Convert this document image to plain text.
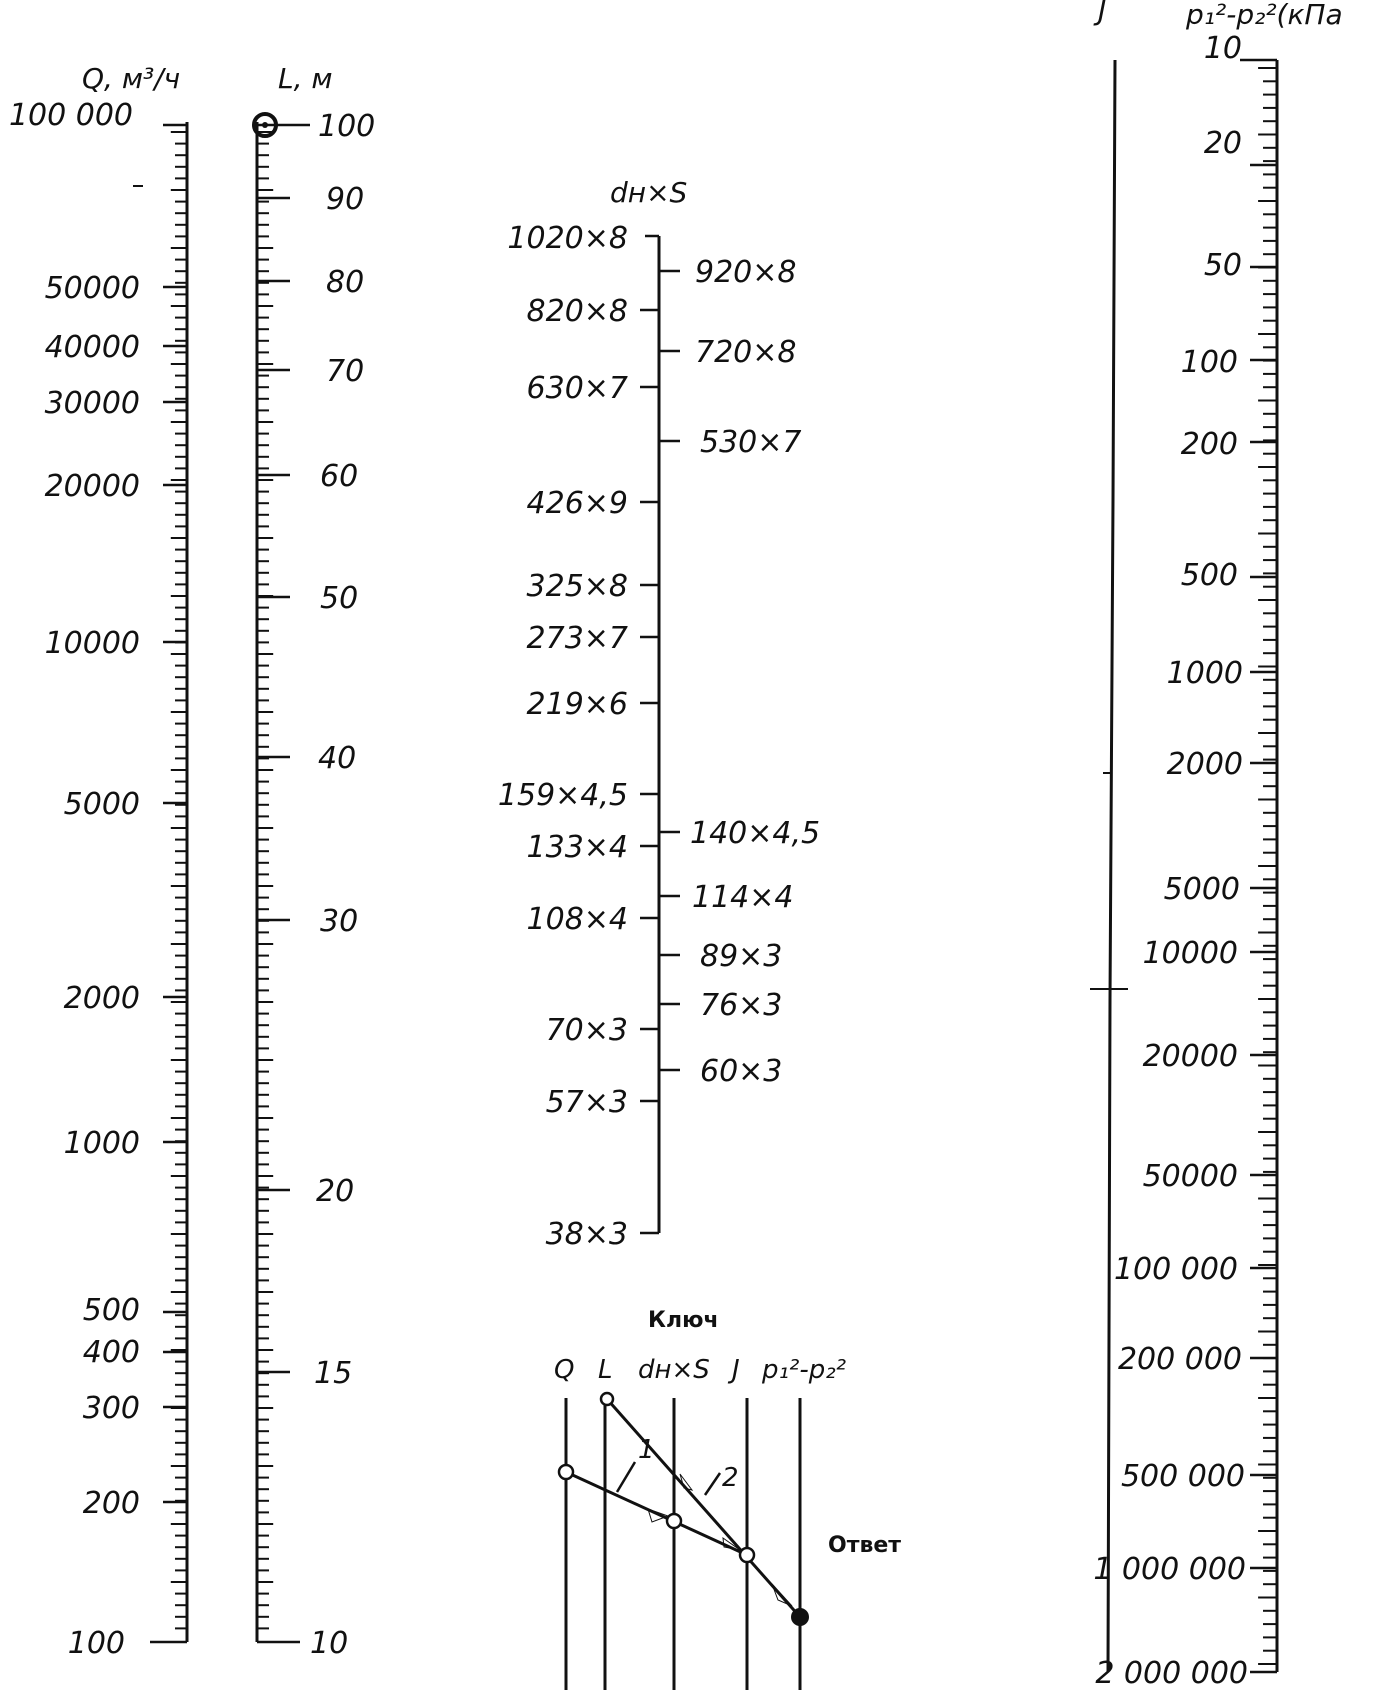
Q, м³/ч
100 000
50000
40000
30000
20000
10000
5000
2000
1000
500
400
300
200
100
L, м
100
90
80
70
60
50
40
30
20
15
10
dн×S
1020×8
820×8
630×7
426×9
325×8
273×7
219×6
159×4,5
133×4
108×4
70×3
57×3
38×3
920×8
720×8
530×7
140×4,5
114×4
89×3
76×3
60×3
J	p₁²-p₂²(кПа
10
20
50
100
200
500
1000
2000
5000
10000
20000
50000
100 000
200 000
500 000
1 000 000
2 000 000
Ключ
Q L dн×S J p₁²-p₂²
1
2
Ответ
